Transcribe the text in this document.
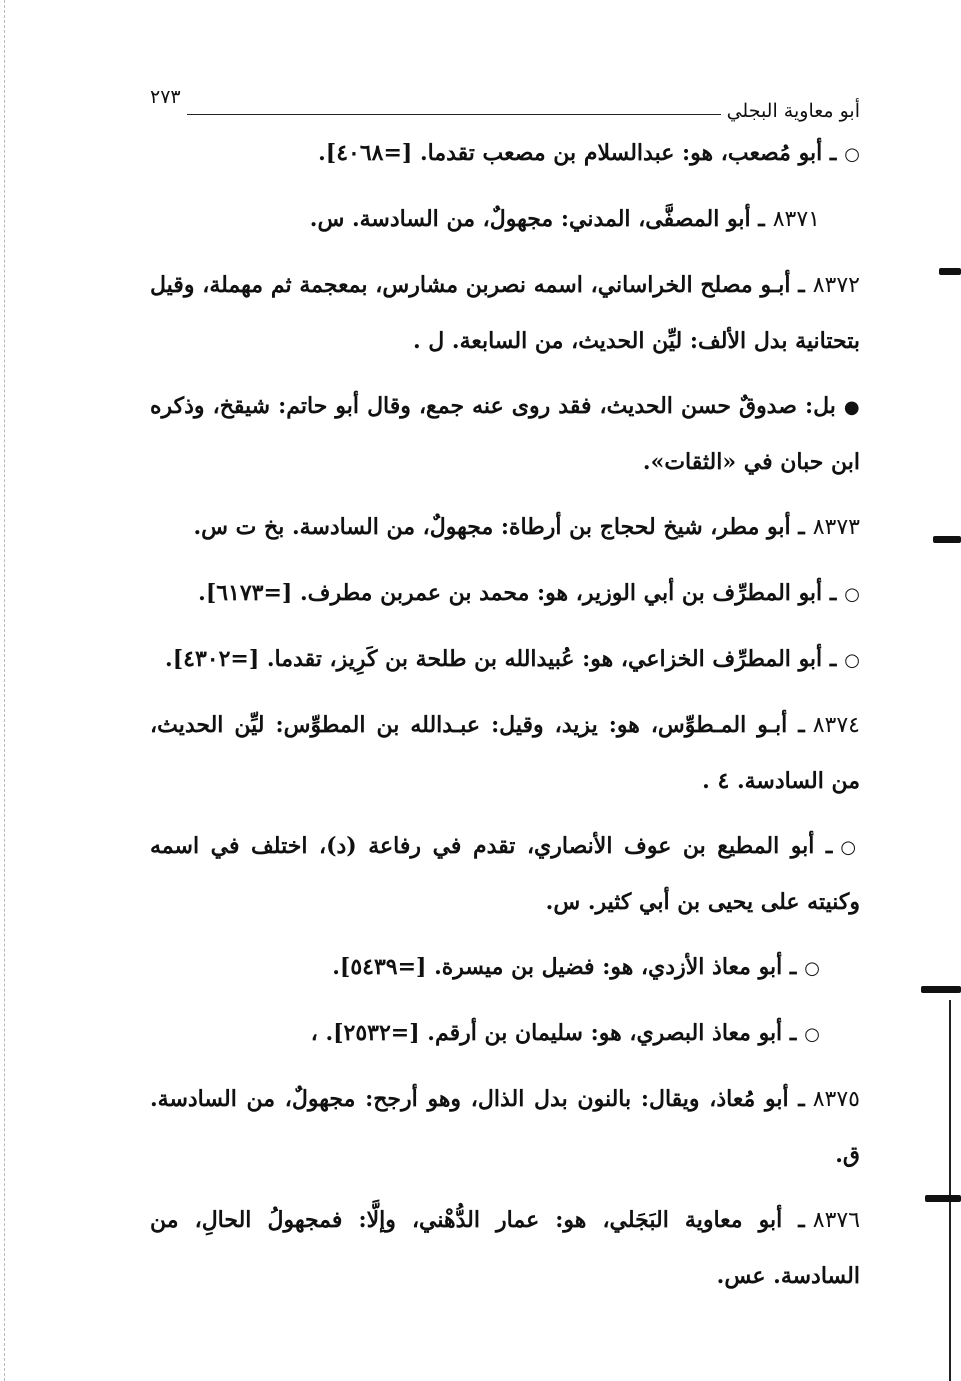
أبو معاوية البجلي
٢٧٣
○ـ أبو مُصعب، هو: عبدالسلام بن مصعب تقدما. [=٤٠٦٨].
٨٣٧١ـ أبو المصفَّى، المدني: مجهولٌ، من السادسة. س.
٨٣٧٢ـ أبـو مصلح الخراساني، اسمه نصربن مشارس، بمعجمة ثم مهملة، وقيل بتحتانية بدل الألف: ليِّن الحديث، من السابعة. ل .
●بل: صدوقٌ حسن الحديث، فقد روى عنه جمع، وقال أبو حاتم: شيقخ، وذكره ابن حبان في «الثقات».
٨٣٧٣ـ أبو مطر، شيخ لحجاج بن أرطاة: مجهولٌ، من السادسة. بخ ت س.
○ـ أبو المطرِّف بن أبي الوزير، هو: محمد بن عمربن مطرف. [=٦١٧٣].
○ـ أبو المطرِّف الخزاعي، هو: عُبيدالله بن طلحة بن كَرِيز، تقدما. [=٤٣٠٢].
٨٣٧٤ـ أبـو المـطوِّس، هو: يزيد، وقيل: عبـدالله بن المطوِّس: ليِّن الحديث، من السادسة. ٤ .
○ـ أبو المطيع بن عوف الأنصاري، تقدم في رفاعة (د)، اختلف في اسمه وكنيته على يحيى بن أبي كثير. س.
○ـ أبو معاذ الأزدي، هو: فضيل بن ميسرة. [=٥٤٣٩].
○ـ أبو معاذ البصري، هو: سليمان بن أرقم. [=٢٥٣٢]. ،
٨٣٧٥ـ أبو مُعاذ، ويقال: بالنون بدل الذال، وهو أرجح: مجهولٌ، من السادسة. ق.
٨٣٧٦ـ أبو معاوية البَجَلي، هو: عمار الدُّهْني، وإلَّا: فمجهولُ الحالِ، من السادسة. عس.
